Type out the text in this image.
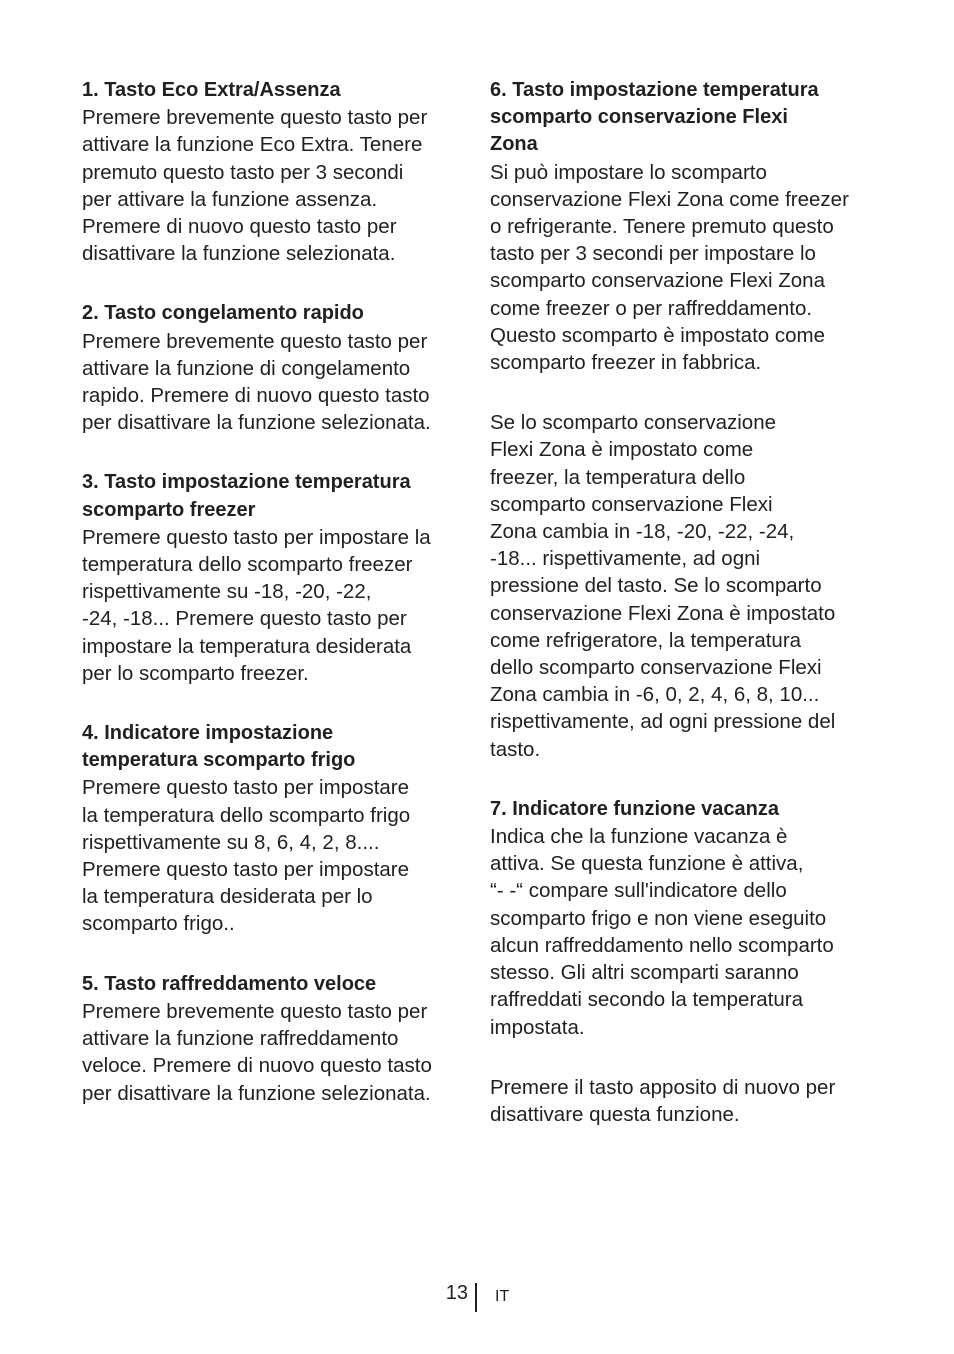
1. Tasto Eco Extra/Assenza

Premere brevemente questo tasto per
attivare la funzione Eco Extra. Tenere
premuto questo tasto per 3 secondi
per attivare la funzione assenza.
Premere di nuovo questo tasto per
disattivare la funzione selezionata.

2. Tasto congelamento rapido

Premere brevemente questo tasto per
attivare la funzione di congelamento
rapido. Premere di nuovo questo tasto
per disattivare la funzione selezionata.

3. Tasto impostazione temperatura
scomparto freezer

Premere questo tasto per impostare la
temperatura dello scomparto freezer
rispettivamente su -18, -20, -22,
-24, -18... Premere questo tasto per
impostare la temperatura desiderata
per lo scomparto freezer.

4. Indicatore impostazione
temperatura scomparto frigo

Premere questo tasto per impostare
la temperatura dello scomparto frigo
rispettivamente su 8, 6, 4, 2, 8....
Premere questo tasto per impostare
la temperatura desiderata per lo
scomparto frigo..

5. Tasto raffreddamento veloce

Premere brevemente questo tasto per
attivare la funzione raffreddamento
veloce. Premere di nuovo questo tasto
per disattivare la funzione selezionata.

6. Tasto impostazione temperatura
scomparto conservazione Flexi
Zona

Si può impostare lo scomparto
conservazione Flexi Zona come freezer
o refrigerante. Tenere premuto questo
tasto per 3 secondi per impostare lo
scomparto conservazione Flexi Zona
come freezer o per raffreddamento.
Questo scomparto è impostato come
scomparto freezer in fabbrica.

Se lo scomparto conservazione
Flexi Zona è impostato come
freezer, la temperatura dello
scomparto conservazione Flexi
Zona cambia in -18, -20, -22, -24,
-18... rispettivamente, ad ogni
pressione del tasto. Se lo scomparto
conservazione Flexi Zona è impostato
come refrigeratore, la temperatura
dello scomparto conservazione Flexi
Zona cambia in -6, 0, 2, 4, 6, 8, 10...
rispettivamente, ad ogni pressione del
tasto.

7. Indicatore funzione vacanza

Indica che la funzione vacanza è
attiva. Se questa funzione è attiva,
“- -“ compare sull'indicatore dello
scomparto frigo e non viene eseguito
alcun raffreddamento nello scomparto
stesso. Gli altri scomparti saranno
raffreddati secondo la temperatura
impostata.

Premere il tasto apposito di nuovo per
disattivare questa funzione.

13 IT
